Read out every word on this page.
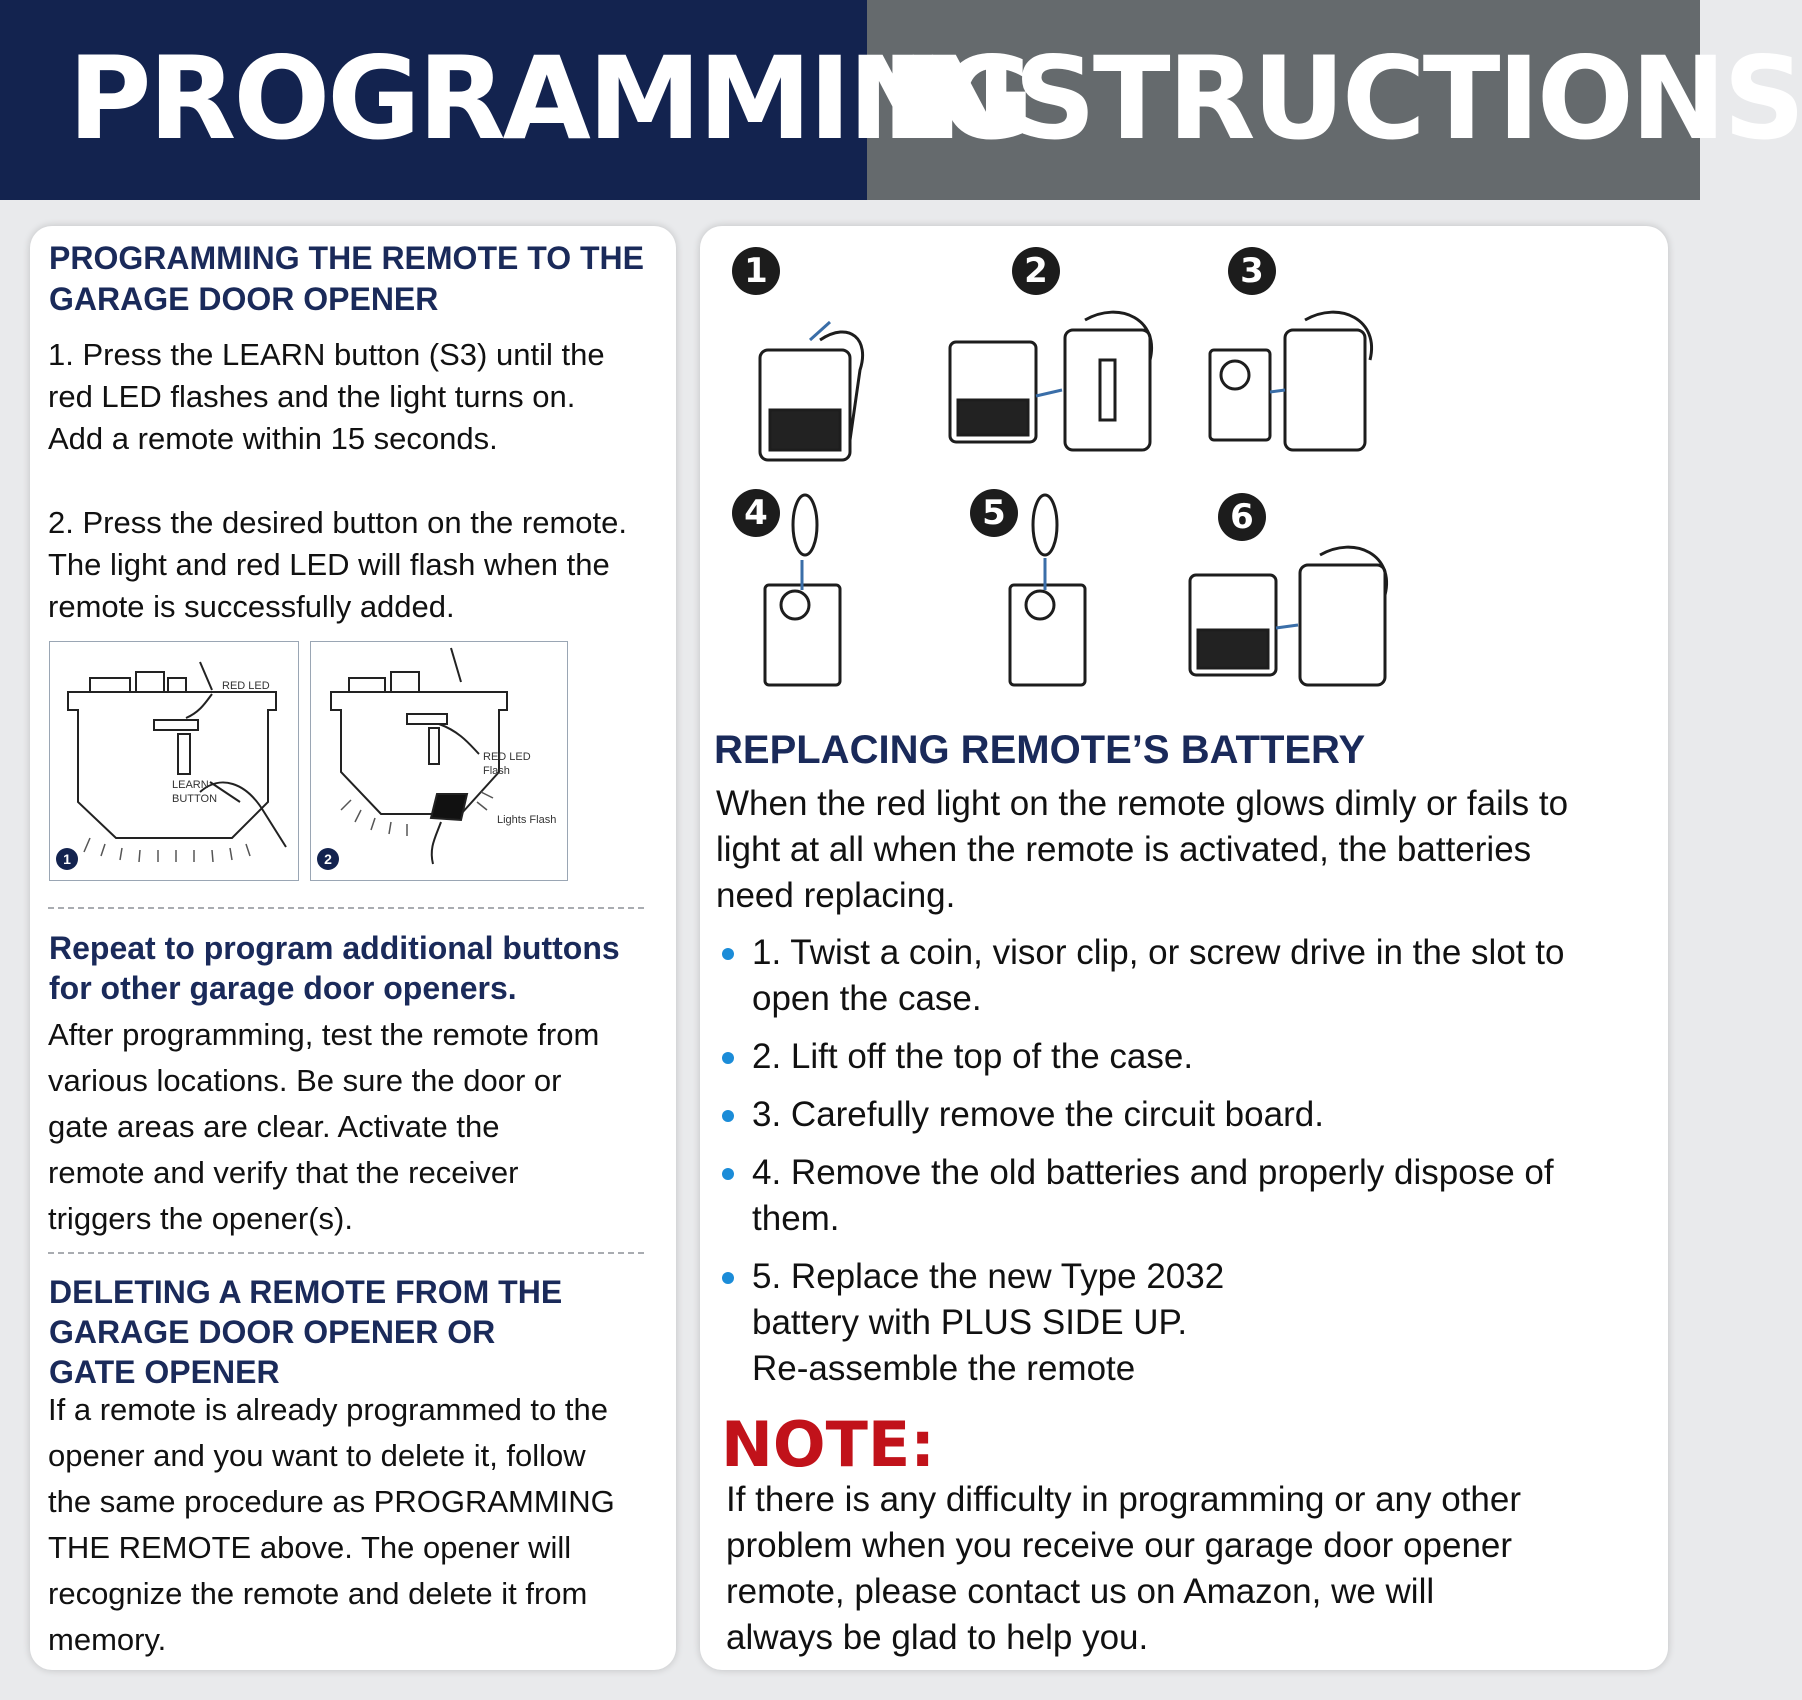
PROGRAMMING
INSTRUCTIONS
PROGRAMMING THE REMOTE TO THE
GARAGE DOOR OPENER
1. Press the LEARN button (S3) until the
red LED flashes and the light turns on.
Add a remote within 15 seconds.
2. Press the desired button on the remote.
The light and red LED will flash when the
remote is successfully added.
RED LED
LEARN
BUTTON
1
RED LED
Flash
Lights Flash
2
Repeat to program additional buttons
for other garage door openers.
After programming, test the remote from
various locations. Be sure the door or
gate areas are clear. Activate the
remote and verify that the receiver
triggers the opener(s).
DELETING A REMOTE FROM THE
GARAGE DOOR OPENER OR
GATE OPENER
If a remote is already programmed to the
opener and you want to delete it, follow
the same procedure as PROGRAMMING
THE REMOTE above. The opener will
recognize the remote and delete it from
memory.
1	2	3
4	5	6
REPLACING REMOTE’S BATTERY
When the red light on the remote glows dimly or fails to
light at all when the remote is activated, the batteries
need replacing.
1. Twist a coin, visor clip, or screw drive in the slot to
open the case.
2. Lift off the top of the case.
3. Carefully remove the circuit board.
4. Remove the old batteries and properly dispose of
them.
5. Replace the new Type 2032
battery with PLUS SIDE UP.
Re-assemble the remote
NOTE:
If there is any difficulty in programming or any other
problem when you receive our garage door opener
remote, please contact us on Amazon, we will
always be glad to help you.
